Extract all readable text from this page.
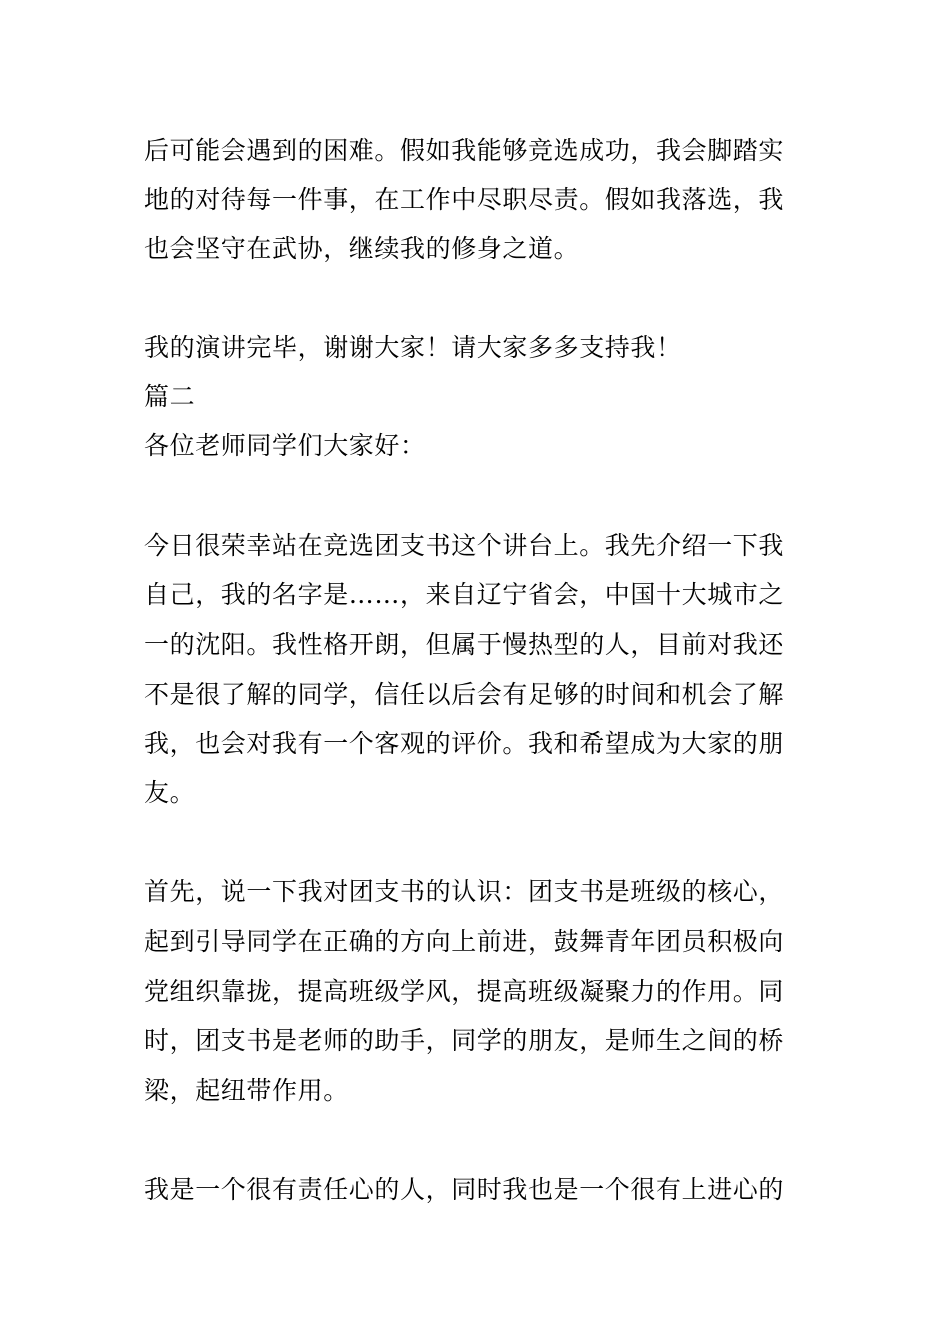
后可能会遇到的困难。假如我能够竞选成功，我会脚踏实
地的对待每一件事，在工作中尽职尽责。假如我落选，我
也会坚守在武协，继续我的修身之道。
我的演讲完毕，谢谢大家！请大家多多支持我！
篇二
各位老师同学们大家好：
今日很荣幸站在竞选团支书这个讲台上。我先介绍一下我
自己，我的名字是……，来自辽宁省会，中国十大城市之
一的沈阳。我性格开朗，但属于慢热型的人，目前对我还
不是很了解的同学，信任以后会有足够的时间和机会了解
我，也会对我有一个客观的评价。我和希望成为大家的朋
友。
首先，说一下我对团支书的认识：团支书是班级的核心，
起到引导同学在正确的方向上前进，鼓舞青年团员积极向
党组织靠拢，提高班级学风，提高班级凝聚力的作用。同
时，团支书是老师的助手，同学的朋友，是师生之间的桥
梁，起纽带作用。
我是一个很有责任心的人，同时我也是一个很有上进心的
